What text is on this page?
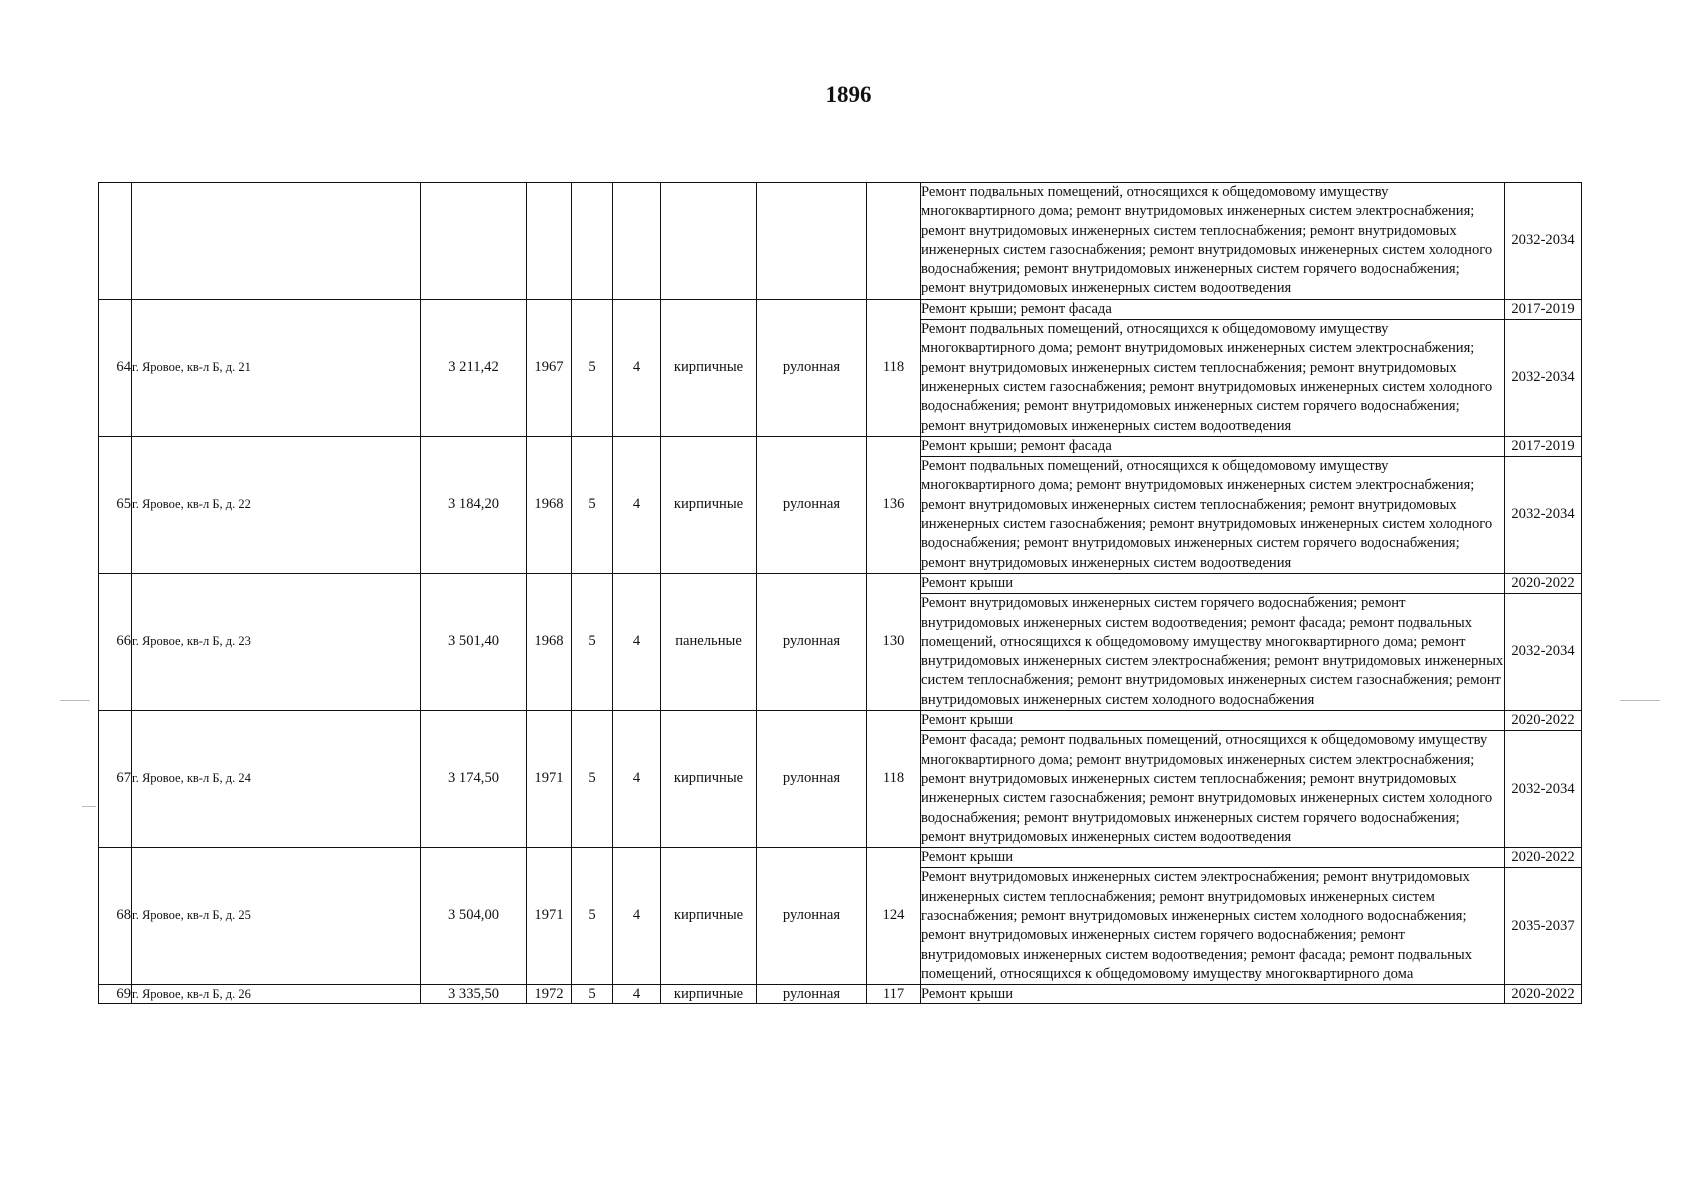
1896
									Ремонт подвальных помещений, относящихся к общедомовому имуществу многоквартирного дома; ремонт внутридомовых инженерных систем электроснабжения; ремонт внутридомовых инженерных систем теплоснабжения; ремонт внутридомовых инженерных систем газоснабжения; ремонт внутридомовых инженерных систем холодного водоснабжения; ремонт внутридомовых инженерных систем горячего водоснабжения; ремонт внутридомовых инженерных систем водоотведения	2032-2034
64	г. Яровое, кв-л Б, д. 21	3 211,42	1967	5	4	кирпичные	рулонная	118	Ремонт крыши; ремонт фасада	2017-2019
									Ремонт подвальных помещений, относящихся к общедомовому имуществу многоквартирного дома; ремонт внутридомовых инженерных систем электроснабжения; ремонт внутридомовых инженерных систем теплоснабжения; ремонт внутридомовых инженерных систем газоснабжения; ремонт внутридомовых инженерных систем холодного водоснабжения; ремонт внутридомовых инженерных систем горячего водоснабжения; ремонт внутридомовых инженерных систем водоотведения	2032-2034
65	г. Яровое, кв-л Б, д. 22	3 184,20	1968	5	4	кирпичные	рулонная	136	Ремонт крыши; ремонт фасада	2017-2019
									Ремонт подвальных помещений, относящихся к общедомовому имуществу многоквартирного дома; ремонт внутридомовых инженерных систем электроснабжения; ремонт внутридомовых инженерных систем теплоснабжения; ремонт внутридомовых инженерных систем газоснабжения; ремонт внутридомовых инженерных систем холодного водоснабжения; ремонт внутридомовых инженерных систем горячего водоснабжения; ремонт внутридомовых инженерных систем водоотведения	2032-2034
66	г. Яровое, кв-л Б, д. 23	3 501,40	1968	5	4	панельные	рулонная	130	Ремонт крыши	2020-2022
									Ремонт внутридомовых инженерных систем горячего водоснабжения; ремонт внутридомовых инженерных систем водоотведения; ремонт фасада; ремонт подвальных помещений, относящихся к общедомовому имуществу многоквартирного дома; ремонт внутридомовых инженерных систем электроснабжения; ремонт внутридомовых инженерных систем теплоснабжения; ремонт внутридомовых инженерных систем газоснабжения; ремонт внутридомовых инженерных систем холодного водоснабжения	2032-2034
67	г. Яровое, кв-л Б, д. 24	3 174,50	1971	5	4	кирпичные	рулонная	118	Ремонт крыши	2020-2022
									Ремонт фасада; ремонт подвальных помещений, относящихся к общедомовому имуществу многоквартирного дома; ремонт внутридомовых инженерных систем электроснабжения; ремонт внутридомовых инженерных систем теплоснабжения; ремонт внутридомовых инженерных систем газоснабжения; ремонт внутридомовых инженерных систем холодного водоснабжения; ремонт внутридомовых инженерных систем горячего водоснабжения; ремонт внутридомовых инженерных систем водоотведения	2032-2034
68	г. Яровое, кв-л Б, д. 25	3 504,00	1971	5	4	кирпичные	рулонная	124	Ремонт крыши	2020-2022
									Ремонт внутридомовых инженерных систем электроснабжения; ремонт внутридомовых инженерных систем теплоснабжения; ремонт внутридомовых инженерных систем газоснабжения; ремонт внутридомовых инженерных систем холодного водоснабжения; ремонт внутридомовых инженерных систем горячего водоснабжения; ремонт внутридомовых инженерных систем водоотведения; ремонт фасада; ремонт подвальных помещений, относящихся к общедомовому имуществу многоквартирного дома	2035-2037
69	г. Яровое, кв-л Б, д. 26	3 335,50	1972	5	4	кирпичные	рулонная	117	Ремонт крыши	2020-2022
